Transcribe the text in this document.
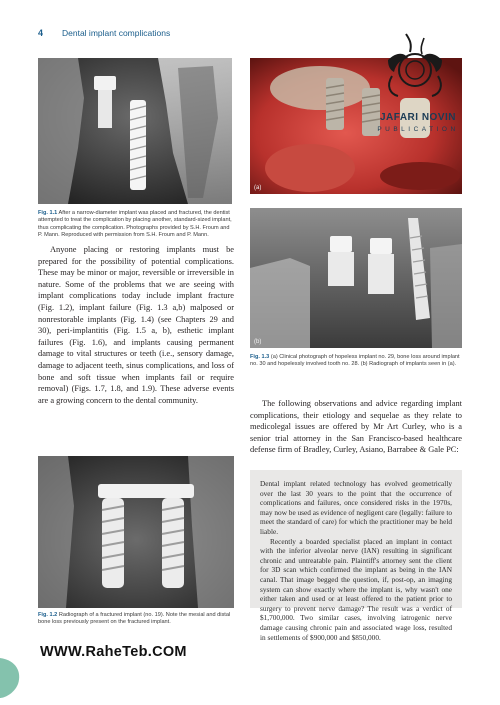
4 Dental implant complications
Fig. 1.1 After a narrow-diameter implant was placed and fractured, the dentist attempted to treat the complication by placing another, standard-sized implant, thus complicating the complication. Photographs provided by S.H. Froum and P. Mann. Reproduced with permission from S.H. Froum and P. Mann.
(a)
JAFARI NOVIN
PUBLICATION
(b)
Fig. 1.3 (a) Clinical photograph of hopeless implant no. 29, bone loss around implant no. 30 and hopelessly involved tooth no. 28. (b) Radiograph of implants seen in (a).

Anyone placing or restoring implants must be prepared for the possibility of potential complications. These may be minor or major, reversible or irreversible in nature. Some of the problems that we are seeing with implant complications today include implant fracture (Fig. 1.2), implant failure (Fig. 1.3 a,b) malposed or nonrestorable implants (Fig. 1.4) (see Chapters 29 and 30), peri-implantitis (Fig. 1.5 a, b), esthetic implant failures (Fig. 1.6), and implants causing permanent damage to vital structures or teeth (i.e., sensory damage, damage to adjacent teeth, sinus complications, and loss of bone and soft tissue when implants fail or require removal) (Figs. 1.7, 1.8, and 1.9). These adverse events are a growing concern to the dental community.	The following observations and advice regarding implant complications, their etiology and sequelae as they relate to medicolegal issues are offered by Mr Art Curley, who is a senior trial attorney in the San Francisco-based healthcare defense firm of Bradley, Curley, Asiano, Barrabee & Gale PC:

Dental implant related technology has evolved geometrically over the last 30 years to the point that the occurrence of complications and failures, once considered risks in the 1970s, may now be used as evidence of negligent care (legally: failure to meet the standard of care) for which the practitioner may be held liable.

Recently a boarded specialist placed an implant in contact with the inferior alveolar nerve (IAN) resulting in significant chronic and untreatable pain. Plaintiff's attorney sent the client for 3D scan which confirmed the implant as being in the IAN canal. That image begged the question, if, post-op, an imaging system can show exactly where the implant is, why wasn't one either taken and used or at least offered to the patient prior to surgery to prevent nerve damage? The result was a verdict of $1,700,000. Two similar cases, involving iatrogenic nerve damage causing chronic pain and associated wage loss, resulted in settlements of $900,000 and $850,000.

Fig. 1.2 Radiograph of a fractured implant (no. 19). Note the mesial and distal bone loss previously present on the fractured implant.
WWW.RaheTeb.COM
